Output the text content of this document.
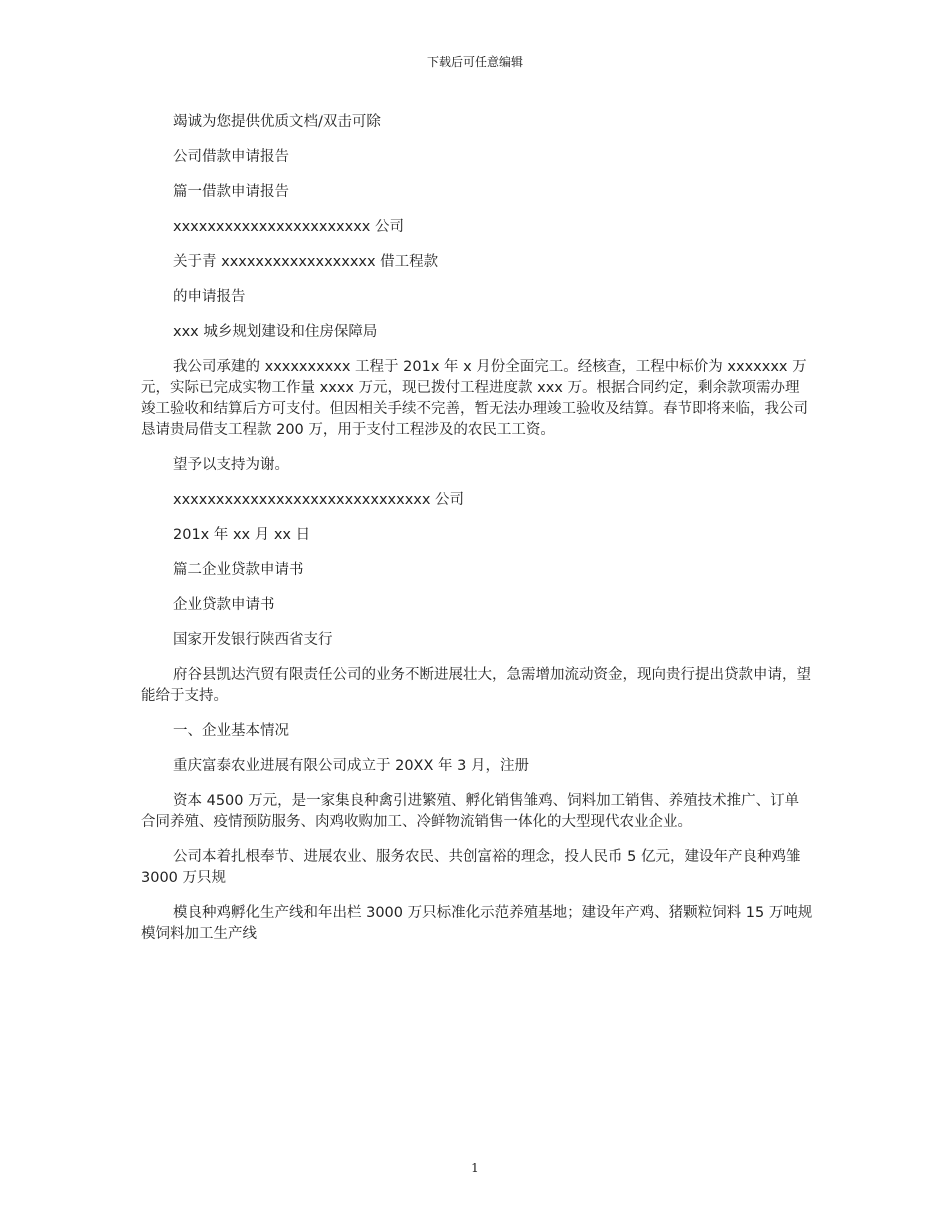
下载后可任意编辑

竭诚为您提供优质文档/双击可除

公司借款申请报告

篇一借款申请报告

xxxxxxxxxxxxxxxxxxxxxxx 公司

关于青 xxxxxxxxxxxxxxxxxx 借工程款

的申请报告

xxx 城乡规划建设和住房保障局

我公司承建的 xxxxxxxxxx 工程于 201x 年 x 月份全面完工。经核查，工程中标价为 xxxxxxx 万元，实际已完成实物工作量 xxxx 万元，现已拨付工程进度款 xxx 万。根据合同约定，剩余款项需办理竣工验收和结算后方可支付。但因相关手续不完善，暂无法办理竣工验收及结算。春节即将来临，我公司恳请贵局借支工程款 200 万，用于支付工程涉及的农民工工资。

望予以支持为谢。

xxxxxxxxxxxxxxxxxxxxxxxxxxxxxx 公司

201x 年 xx 月 xx 日

篇二企业贷款申请书

企业贷款申请书

国家开发银行陕西省支行

府谷县凯达汽贸有限责任公司的业务不断进展壮大，急需增加流动资金，现向贵行提出贷款申请，望能给于支持。

一、企业基本情况

重庆富泰农业进展有限公司成立于 20XX 年 3 月，注册

资本 4500 万元，是一家集良种禽引进繁殖、孵化销售雏鸡、饲料加工销售、养殖技术推广、订单合同养殖、疫情预防服务、肉鸡收购加工、冷鲜物流销售一体化的大型现代农业企业。

公司本着扎根奉节、进展农业、服务农民、共创富裕的理念，投人民币 5 亿元，建设年产良种鸡雏 3000 万只规

模良种鸡孵化生产线和年出栏 3000 万只标准化示范养殖基地；建设年产鸡、猪颗粒饲料 15 万吨规模饲料加工生产线

1
